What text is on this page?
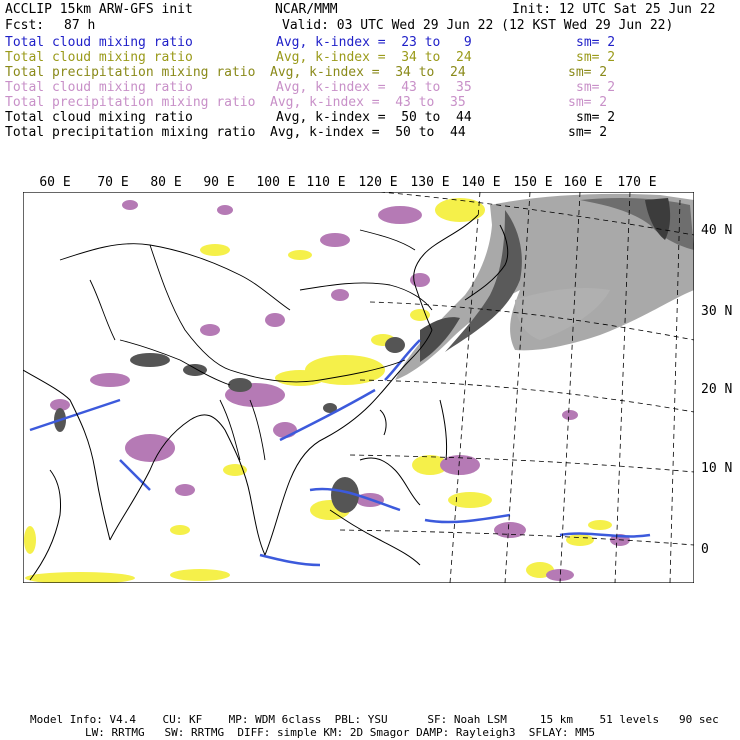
ACCLIP 15km ARW-GFS init	NCAR/MMM	Init: 12 UTC Sat 25 Jun 22
Fcst: 87 h	Valid: 03 UTC Wed 29 Jun 22 (12 KST Wed 29 Jun 22)
Total cloud mixing ratio	Avg, k-index =  23 to   9	sm= 2
Total cloud mixing ratio	Avg, k-index =  34 to  24	sm= 2
Total precipitation mixing ratio Avg, k-index =  34 to  24	sm= 2
Total cloud mixing ratio	Avg, k-index =  43 to  35	sm= 2
Total precipitation mixing ratio Avg, k-index =  43 to  35	sm= 2
Total cloud mixing ratio	Avg, k-index =  50 to  44	sm= 2
Total precipitation mixing ratio Avg, k-index =  50 to  44	sm= 2
60 E 70 E 80 E 90 E 100 E 110 E 120 E 130 E 140 E 150 E 160 E 170 E
40 N
30 N
20 N
10 N
0
Model Info: V4.4    CU: KF    MP: WDM 6class  PBL: YSU      SF: Noah LSM     15 km    51 levels   90 sec
LW: RRTMG   SW: RRTMG  DIFF: simple KM: 2D Smagor DAMP: Rayleigh3  SFLAY: MM5
